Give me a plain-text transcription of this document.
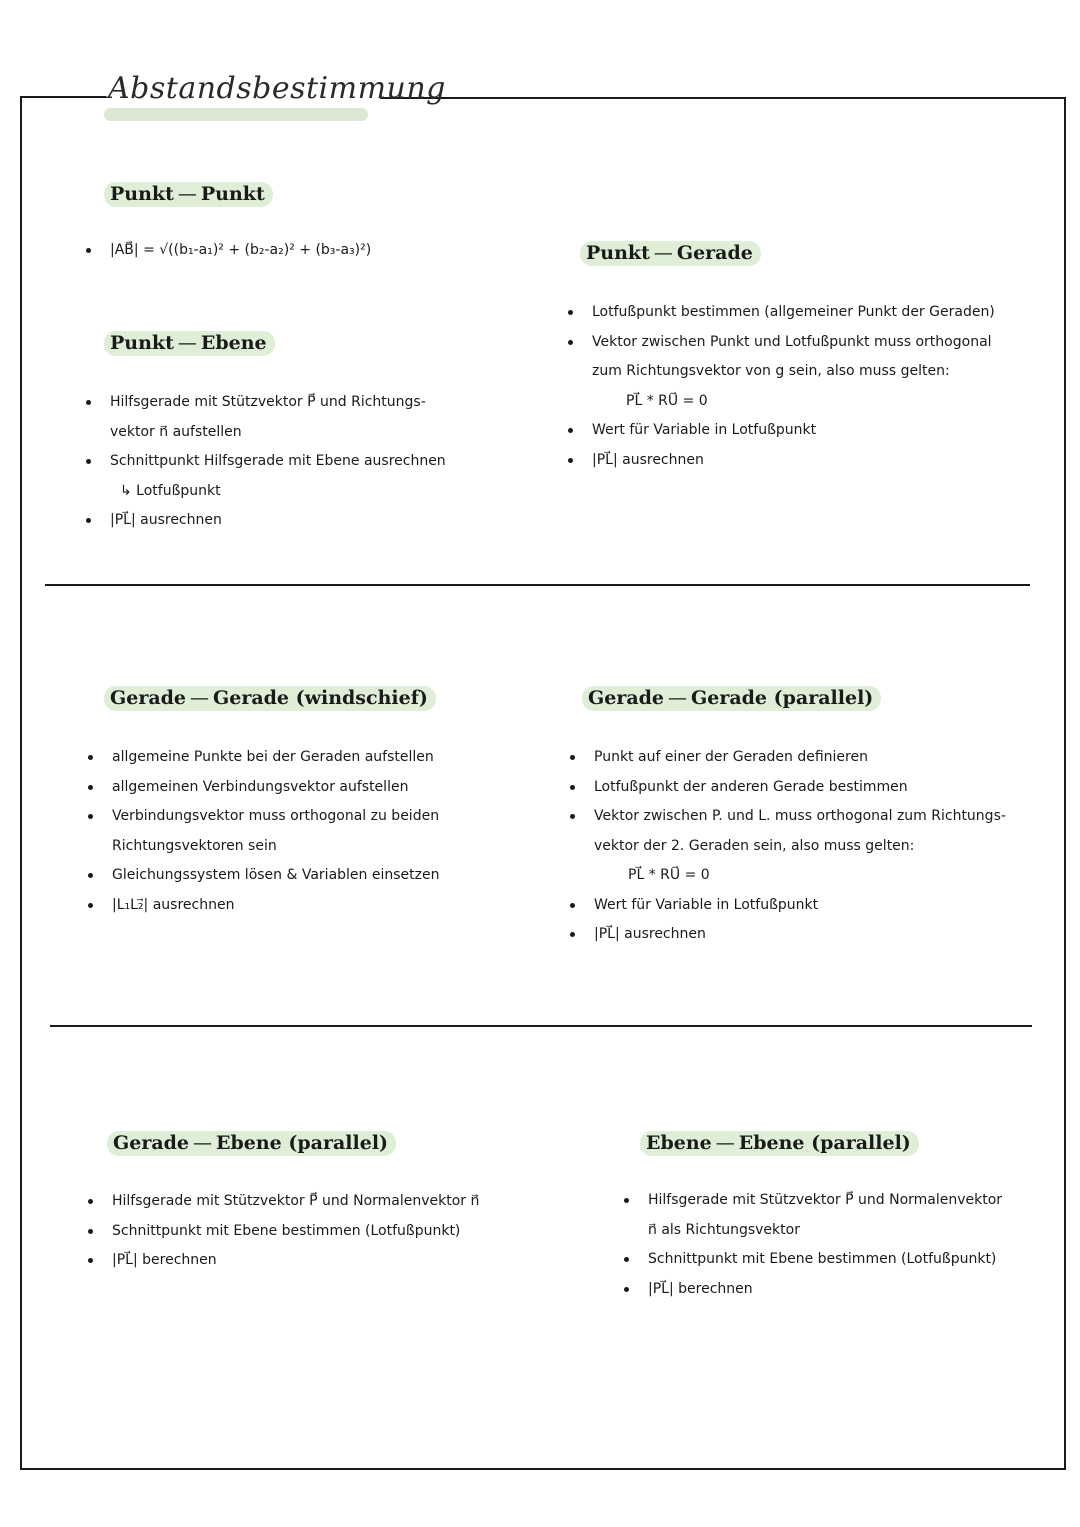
Abstandsbestimmung
Punkt — Punkt
|AB⃗| = √((b₁-a₁)² + (b₂-a₂)² + (b₃-a₃)²)
Punkt — Ebene
Hilfsgerade mit Stützvektor P⃗ und Richtungs-
vektor n⃗ aufstellen
Schnittpunkt Hilfsgerade mit Ebene ausrechnen
↳ Lotfußpunkt
|PL⃗| ausrechnen
Punkt — Gerade
Lotfußpunkt bestimmen (allgemeiner Punkt der Geraden)
Vektor zwischen Punkt und Lotfußpunkt muss orthogonal
zum Richtungsvektor von g sein, also muss gelten:
PL⃗ * RU⃗ = 0
Wert für Variable in Lotfußpunkt
|PL⃗| ausrechnen
Gerade — Gerade (windschief)
allgemeine Punkte bei der Geraden aufstellen
allgemeinen Verbindungsvektor aufstellen
Verbindungsvektor muss orthogonal zu beiden
Richtungsvektoren sein
Gleichungssystem lösen & Variablen einsetzen
|L₁L₂⃗| ausrechnen
Gerade — Gerade (parallel)
Punkt auf einer der Geraden definieren
Lotfußpunkt der anderen Gerade bestimmen
Vektor zwischen P. und L. muss orthogonal zum Richtungs-
vektor der 2. Geraden sein, also muss gelten:
PL⃗ * RU⃗ = 0
Wert für Variable in Lotfußpunkt
|PL⃗| ausrechnen
Gerade — Ebene (parallel)
Hilfsgerade mit Stützvektor P⃗ und Normalenvektor n⃗
Schnittpunkt mit Ebene bestimmen (Lotfußpunkt)
|PL⃗| berechnen
Ebene — Ebene (parallel)
Hilfsgerade mit Stützvektor P⃗ und Normalenvektor
n⃗ als Richtungsvektor
Schnittpunkt mit Ebene bestimmen (Lotfußpunkt)
|PL⃗| berechnen
